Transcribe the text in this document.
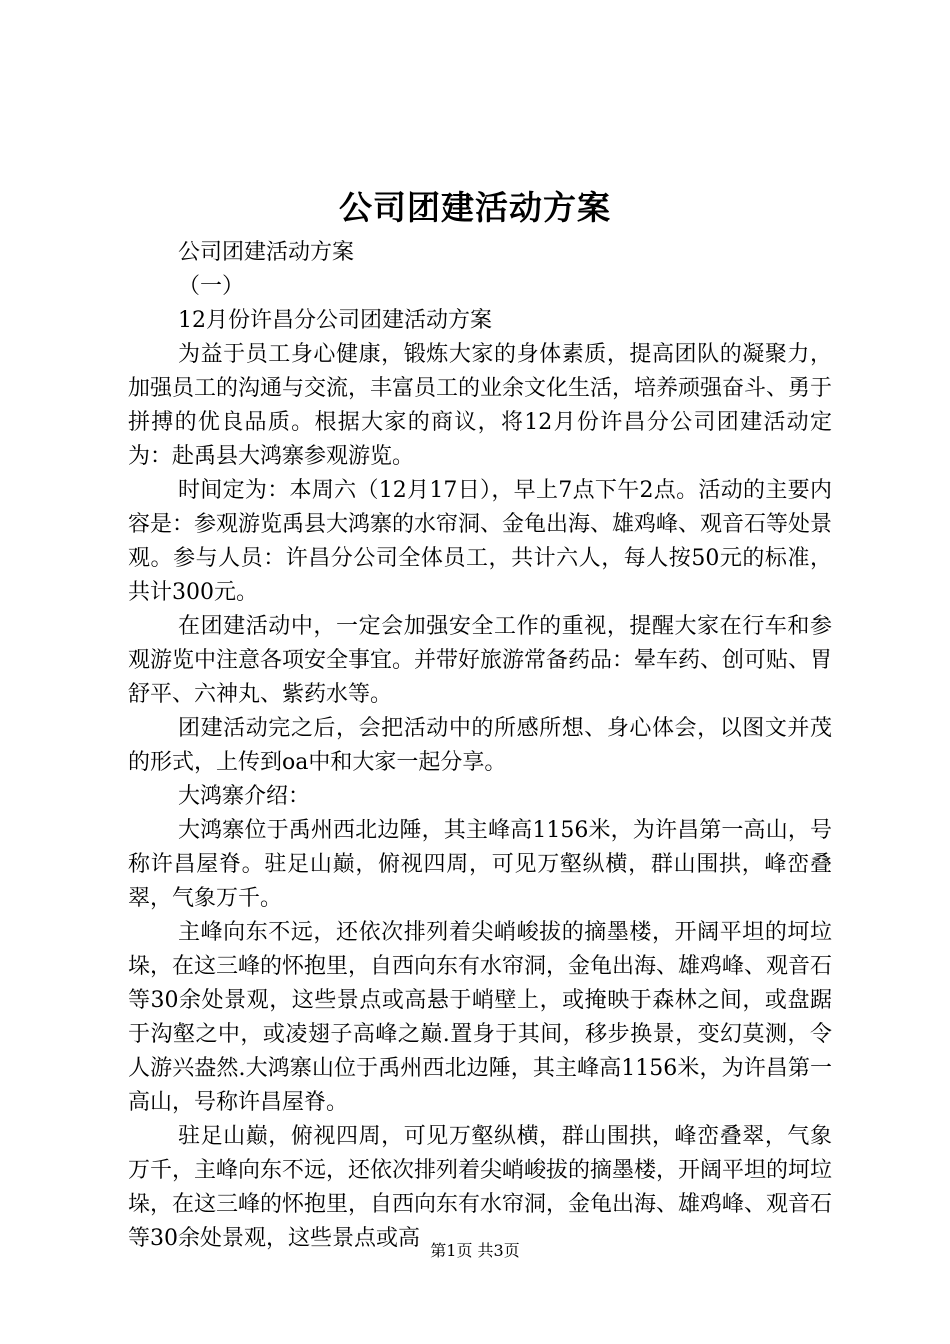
公司团建活动方案

公司团建活动方案

（一）

12月份许昌分公司团建活动方案

为益于员工身心健康，锻炼大家的身体素质，提高团队的凝聚力，加强员工的沟通与交流，丰富员工的业余文化生活，培养顽强奋斗、勇于拼搏的优良品质。根据大家的商议，将12月份许昌分公司团建活动定为：赴禹县大鸿寨参观游览。

时间定为：本周六（12月17日），早上7点下午2点。活动的主要内容是：参观游览禹县大鸿寨的水帘洞、金龟出海、雄鸡峰、观音石等处景观。参与人员：许昌分公司全体员工，共计六人，每人按50元的标准，共计300元。

在团建活动中，一定会加强安全工作的重视，提醒大家在行车和参观游览中注意各项安全事宜。并带好旅游常备药品：晕车药、创可贴、胃舒平、六神丸、紫药水等。

团建活动完之后，会把活动中的所感所想、身心体会，以图文并茂的形式，上传到oa中和大家一起分享。

大鸿寨介绍：

大鸿寨位于禹州西北边陲，其主峰高1156米，为许昌第一高山，号称许昌屋脊。驻足山巅，俯视四周，可见万壑纵横，群山围拱，峰峦叠翠，气象万千。

主峰向东不远，还依次排列着尖峭峻拔的摘墨楼，开阔平坦的坷垃垛，在这三峰的怀抱里，自西向东有水帘洞，金龟出海、雄鸡峰、观音石等30余处景观，这些景点或高悬于峭壁上，或掩映于森林之间，或盘踞于沟壑之中，或凌翅子高峰之巅.置身于其间，移步换景，变幻莫测，令人游兴盎然.大鸿寨山位于禹州西北边陲，其主峰高1156米，为许昌第一高山，号称许昌屋脊。

驻足山巅，俯视四周，可见万壑纵横，群山围拱，峰峦叠翠，气象万千，主峰向东不远，还依次排列着尖峭峻拔的摘墨楼，开阔平坦的坷垃垛，在这三峰的怀抱里，自西向东有水帘洞，金龟出海、雄鸡峰、观音石等30余处景观，这些景点或高 第1页 共3页
